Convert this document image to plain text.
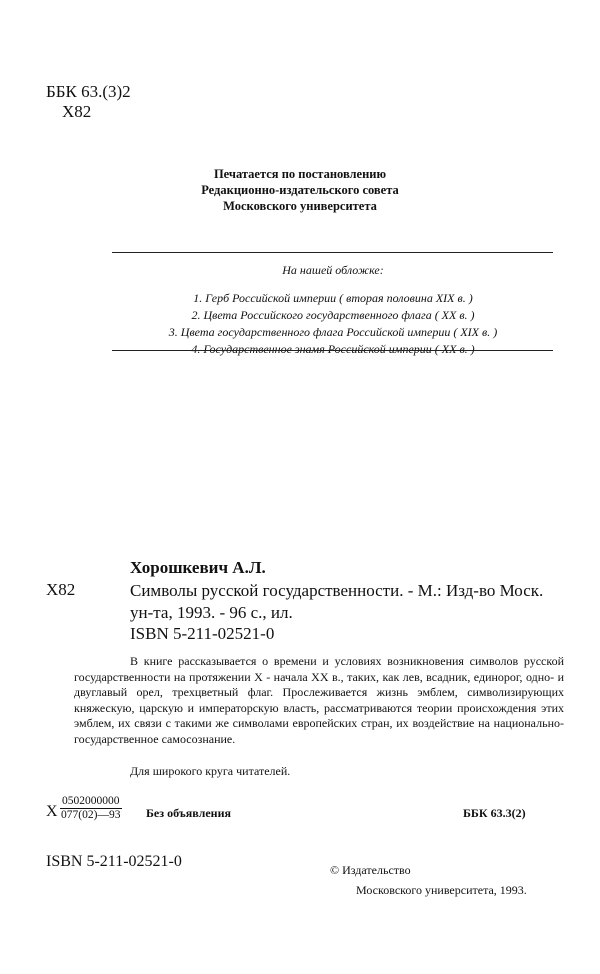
ББК 63.(3)2
Х82
Печатается по постановлению
Редакционно-издательского совета
Московского университета
На нашей обложке:
1. Герб Российской империи ( вторая половина XIX в. )
2. Цвета Российского государственного флага ( XX в. )
3. Цвета государственного флага Российской империи ( XIX в. )
4. Государственное знамя Российской империи ( XX в. )
Хорошкевич А.Л.
Х82	Символы русской государственности. - М.: Изд-во Моск.
ун-та, 1993. - 96 с., ил.
ISBN 5-211-02521-0
В книге рассказывается о времени и условиях возникновения символов русской государственности на протяжении X - начала XX в., таких, как лев, всадник, единорог, одно- и двуглавый орел, трехцветный флаг. Прослеживается жизнь эмблем, символизирующих княжескую, царскую и императорскую власть, рассматриваются теории происхождения этих эмблем, их связи с такими же символами европейских стран, их воздействие на национально-государственное самосознание.
Для широкого круга читателей.
X $\frac{0502000000}{077(02)—93}$ Без объявления	ББК 63.3(2)
ISBN 5-211-02521-0	© Издательство
Московского университета, 1993.
